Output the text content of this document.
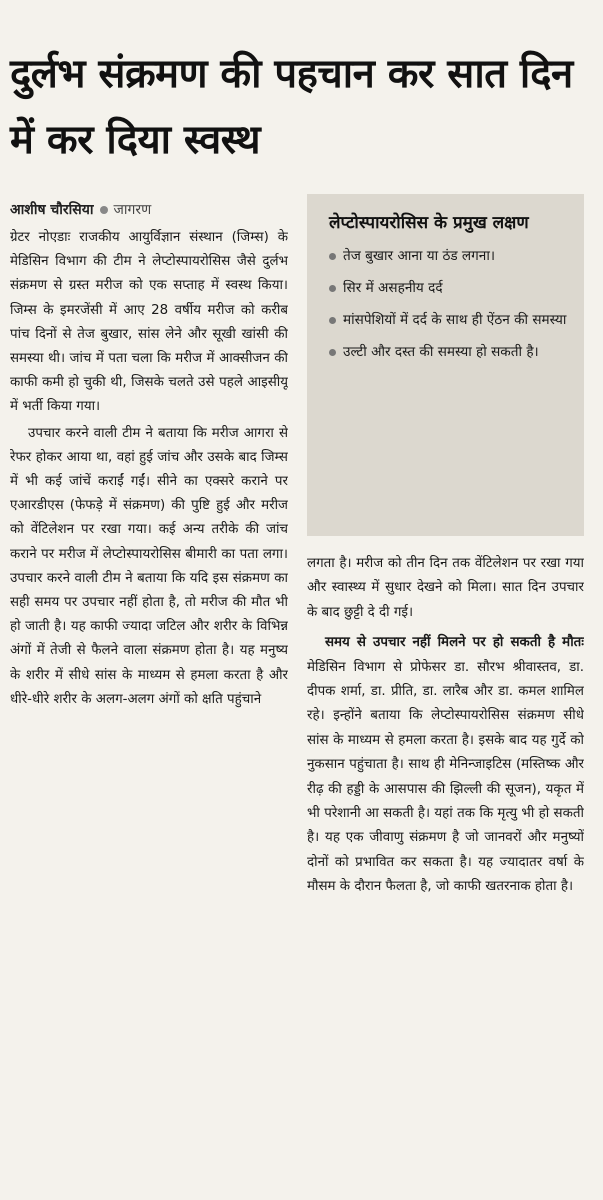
दुर्लभ संक्रमण की पहचान कर सात दिन में कर दिया स्वस्थ
आशीष चौरसिया जागरण

ग्रेटर नोएडाः राजकीय आयुर्विज्ञान संस्थान (जिम्स) के मेडिसिन विभाग की टीम ने लेप्टोस्पायरोसिस जैसे दुर्लभ संक्रमण से ग्रस्त मरीज को एक सप्ताह में स्वस्थ किया। जिम्स के इमरजेंसी में आए 28 वर्षीय मरीज को करीब पांच दिनों से तेज बुखार, सांस लेने और सूखी खांसी की समस्या थी। जांच में पता चला कि मरीज में आक्सीजन की काफी कमी हो चुकी थी, जिसके चलते उसे पहले आइसीयू में भर्ती किया गया।

उपचार करने वाली टीम ने बताया कि मरीज आगरा से रेफर होकर आया था, वहां हुई जांच और उसके बाद जिम्स में भी कई जांचें कराईं गईं। सीने का एक्सरे कराने पर एआरडीएस (फेफड़े में संक्रमण) की पुष्टि हुई और मरीज को वेंटिलेशन पर रखा गया। कई अन्य तरीके की जांच कराने पर मरीज में लेप्टोस्पायरोसिस बीमारी का पता लगा। उपचार करने वाली टीम ने बताया कि यदि इस संक्रमण का सही समय पर उपचार नहीं होता है, तो मरीज की मौत भी हो जाती है। यह काफी ज्यादा जटिल और शरीर के विभिन्न अंगों में तेजी से फैलने वाला संक्रमण होता है। यह मनुष्य के शरीर में सीधे सांस के माध्यम से हमला करता है और धीरे-धीरे शरीर के अलग-अलग अंगों को क्षति पहुंचाने

लेप्टोस्पायरोसिस के प्रमुख लक्षण
तेज बुखार आना या ठंड लगना।
सिर में असहनीय दर्द
मांसपेशियों में दर्द के साथ ही ऐंठन की समस्या
उल्टी और दस्त की समस्या हो सकती है।

लगता है। मरीज को तीन दिन तक वेंटिलेशन पर रखा गया और स्वास्थ्य में सुधार देखने को मिला। सात दिन उपचार के बाद छुट्टी दे दी गई।

समय से उपचार नहीं मिलने पर हो सकती है मौतः मेडिसिन विभाग से प्रोफेसर डा. सौरभ श्रीवास्तव, डा. दीपक शर्मा, डा. प्रीति, डा. लारैब और डा. कमल शामिल रहे। इन्होंने बताया कि लेप्टोस्पायरोसिस संक्रमण सीधे सांस के माध्यम से हमला करता है। इसके बाद यह गुर्दे को नुकसान पहुंचाता है। साथ ही मेनिन्जाइटिस (मस्तिष्क और रीढ़ की हड्डी के आसपास की झिल्ली की सूजन), यकृत में भी परेशानी आ सकती है। यहां तक कि मृत्यु भी हो सकती है। यह एक जीवाणु संक्रमण है जो जानवरों और मनुष्यों दोनों को प्रभावित कर सकता है। यह ज्यादातर वर्षा के मौसम के दौरान फैलता है, जो काफी खतरनाक होता है।
